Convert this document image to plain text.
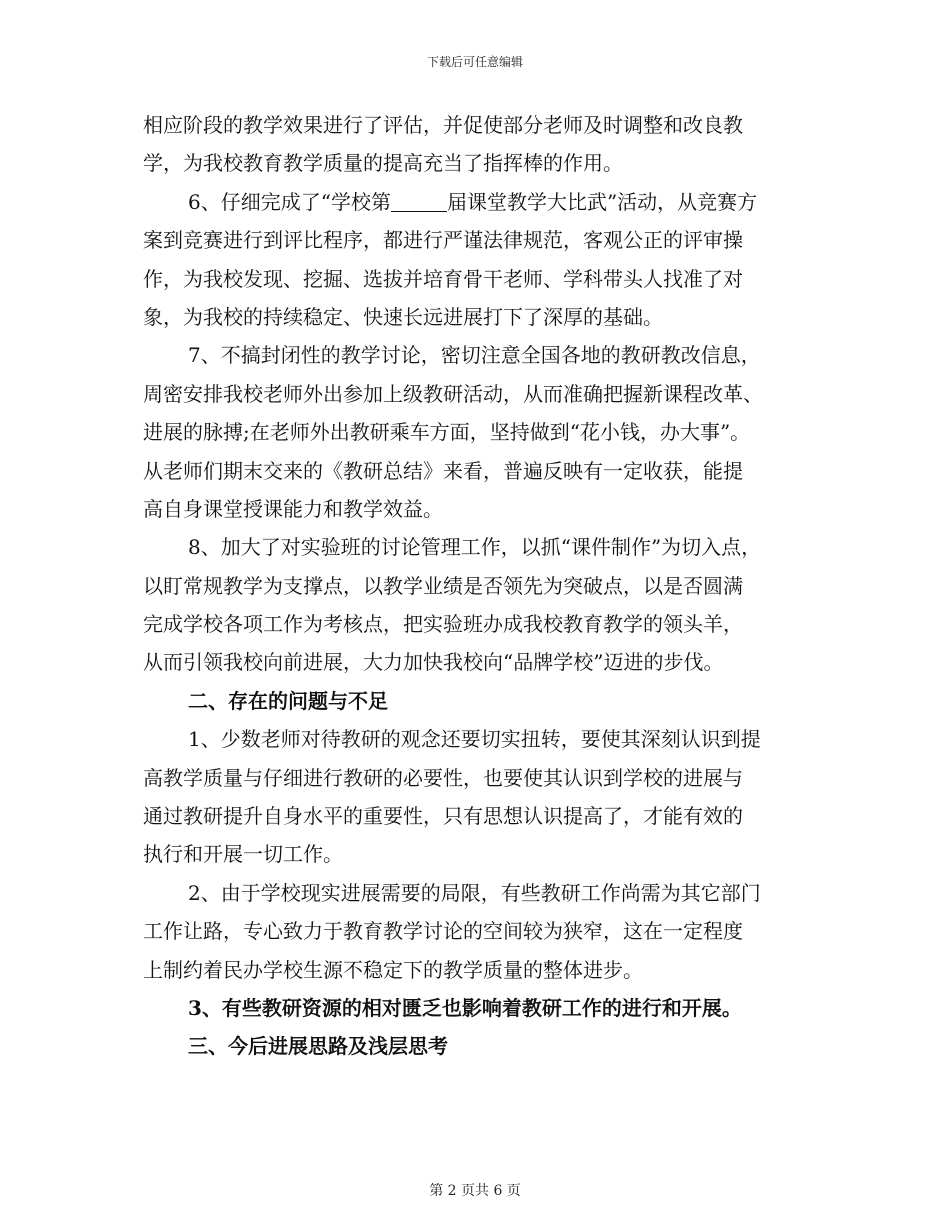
下载后可任意编辑
相应阶段的教学效果进行了评估，并促使部分老师及时调整和改良教
学，为我校教育教学质量的提高充当了指挥棒的作用。
6、仔细完成了“学校第	届课堂教学大比武”活动，从竞赛方
案到竞赛进行到评比程序，都进行严谨法律规范，客观公正的评审操
作，为我校发现、挖掘、选拔并培育骨干老师、学科带头人找准了对
象，为我校的持续稳定、快速长远进展打下了深厚的基础。
7、不搞封闭性的教学讨论，密切注意全国各地的教研教改信息，
周密安排我校老师外出参加上级教研活动，从而准确把握新课程改革、
进展的脉搏;在老师外出教研乘车方面，坚持做到“花小钱，办大事”。
从老师们期末交来的《教研总结》来看，普遍反映有一定收获，能提
高自身课堂授课能力和教学效益。
8、加大了对实验班的讨论管理工作，以抓“课件制作”为切入点，
以盯常规教学为支撑点，以教学业绩是否领先为突破点，以是否圆满
完成学校各项工作为考核点，把实验班办成我校教育教学的领头羊，
从而引领我校向前进展，大力加快我校向“品牌学校”迈进的步伐。
二、存在的问题与不足
1、少数老师对待教研的观念还要切实扭转，要使其深刻认识到提
高教学质量与仔细进行教研的必要性，也要使其认识到学校的进展与
通过教研提升自身水平的重要性，只有思想认识提高了，才能有效的
执行和开展一切工作。
2、由于学校现实进展需要的局限，有些教研工作尚需为其它部门
工作让路，专心致力于教育教学讨论的空间较为狭窄，这在一定程度
上制约着民办学校生源不稳定下的教学质量的整体进步。
3、有些教研资源的相对匮乏也影响着教研工作的进行和开展。
三、今后进展思路及浅层思考
第 2 页共 6 页
